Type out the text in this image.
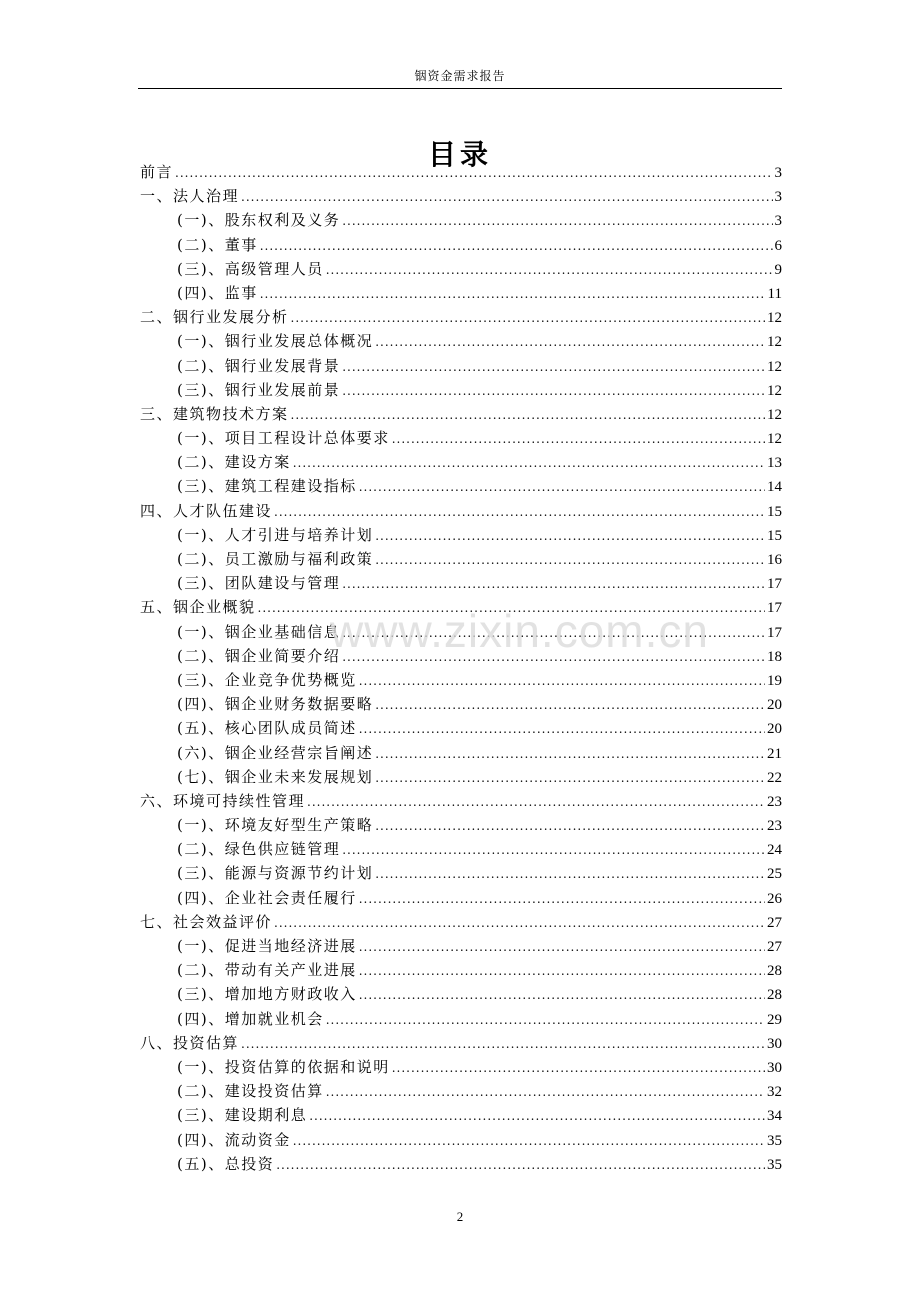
铟资金需求报告
目录
前言 .....	3
一、法人治理 .....	3
(一)、股东权利及义务 .....	3
(二)、董事 .....	6
(三)、高级管理人员 .....	9
(四)、监事 .....	11
二、铟行业发展分析 .....	12
(一)、铟行业发展总体概况 .....	12
(二)、铟行业发展背景 .....	12
(三)、铟行业发展前景 .....	12
三、建筑物技术方案 .....	12
(一)、项目工程设计总体要求 .....	12
(二)、建设方案 .....	13
(三)、建筑工程建设指标 .....	14
四、人才队伍建设 .....	15
(一)、人才引进与培养计划 .....	15
(二)、员工激励与福利政策 .....	16
(三)、团队建设与管理 .....	17
五、铟企业概貌 .....	17
(一)、铟企业基础信息 .....	17
(二)、铟企业简要介绍 .....	18
(三)、企业竞争优势概览 .....	19
(四)、铟企业财务数据要略 .....	20
(五)、核心团队成员简述 .....	20
(六)、铟企业经营宗旨阐述 .....	21
(七)、铟企业未来发展规划 .....	22
六、环境可持续性管理 .....	23
(一)、环境友好型生产策略 .....	23
(二)、绿色供应链管理 .....	24
(三)、能源与资源节约计划 .....	25
(四)、企业社会责任履行 .....	26
七、社会效益评价 .....	27
(一)、促进当地经济进展 .....	27
(二)、带动有关产业进展 .....	28
(三)、增加地方财政收入 .....	28
(四)、增加就业机会 .....	29
八、投资估算 .....	30
(一)、投资估算的依据和说明 .....	30
(二)、建设投资估算 .....	32
(三)、建设期利息 .....	34
(四)、流动资金 .....	35
(五)、总投资 .....	35
www.zixin.com.cn
2
